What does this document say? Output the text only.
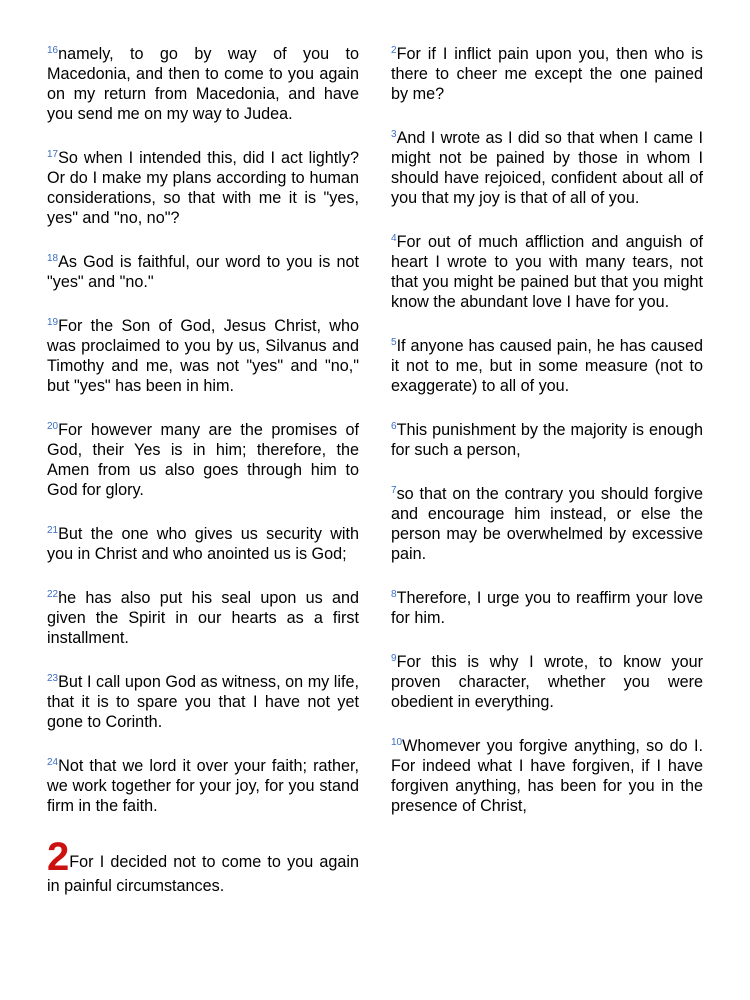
$^{16}$namely, to go by way of you to Macedonia, and then to come to you again on my return from Macedonia, and have you send me on my way to Judea.

$^{17}$So when I intended this, did I act lightly? Or do I make my plans according to human considerations, so that with me it is "yes, yes" and "no, no"?

$^{18}$As God is faithful, our word to you is not "yes" and "no."

$^{19}$For the Son of God, Jesus Christ, who was proclaimed to you by us, Silvanus and Timothy and me, was not "yes" and "no," but "yes" has been in him.

$^{20}$For however many are the promises of God, their Yes is in him; therefore, the Amen from us also goes through him to God for glory.

$^{21}$But the one who gives us security with you in Christ and who anointed us is God;

$^{22}$he has also put his seal upon us and given the Spirit in our hearts as a first installment.

$^{23}$But I call upon God as witness, on my life, that it is to spare you that I have not yet gone to Corinth.

$^{24}$Not that we lord it over your faith; rather, we work together for your joy, for you stand firm in the faith.

2For I decided not to come to you again in painful circumstances.

$^2$For if I inflict pain upon you, then who is there to cheer me except the one pained by me?

$^3$And I wrote as I did so that when I came I might not be pained by those in whom I should have rejoiced, confident about all of you that my joy is that of all of you.

$^4$For out of much affliction and anguish of heart I wrote to you with many tears, not that you might be pained but that you might know the abundant love I have for you.

$^5$If anyone has caused pain, he has caused it not to me, but in some measure (not to exaggerate) to all of you.

$^6$This punishment by the majority is enough for such a person,

$^7$so that on the contrary you should forgive and encourage him instead, or else the person may be overwhelmed by excessive pain.

$^8$Therefore, I urge you to reaffirm your love for him.

$^9$For this is why I wrote, to know your proven character, whether you were obedient in everything.

$^{10}$Whomever you forgive anything, so do I. For indeed what I have forgiven, if I have forgiven anything, has been for you in the presence of Christ,
